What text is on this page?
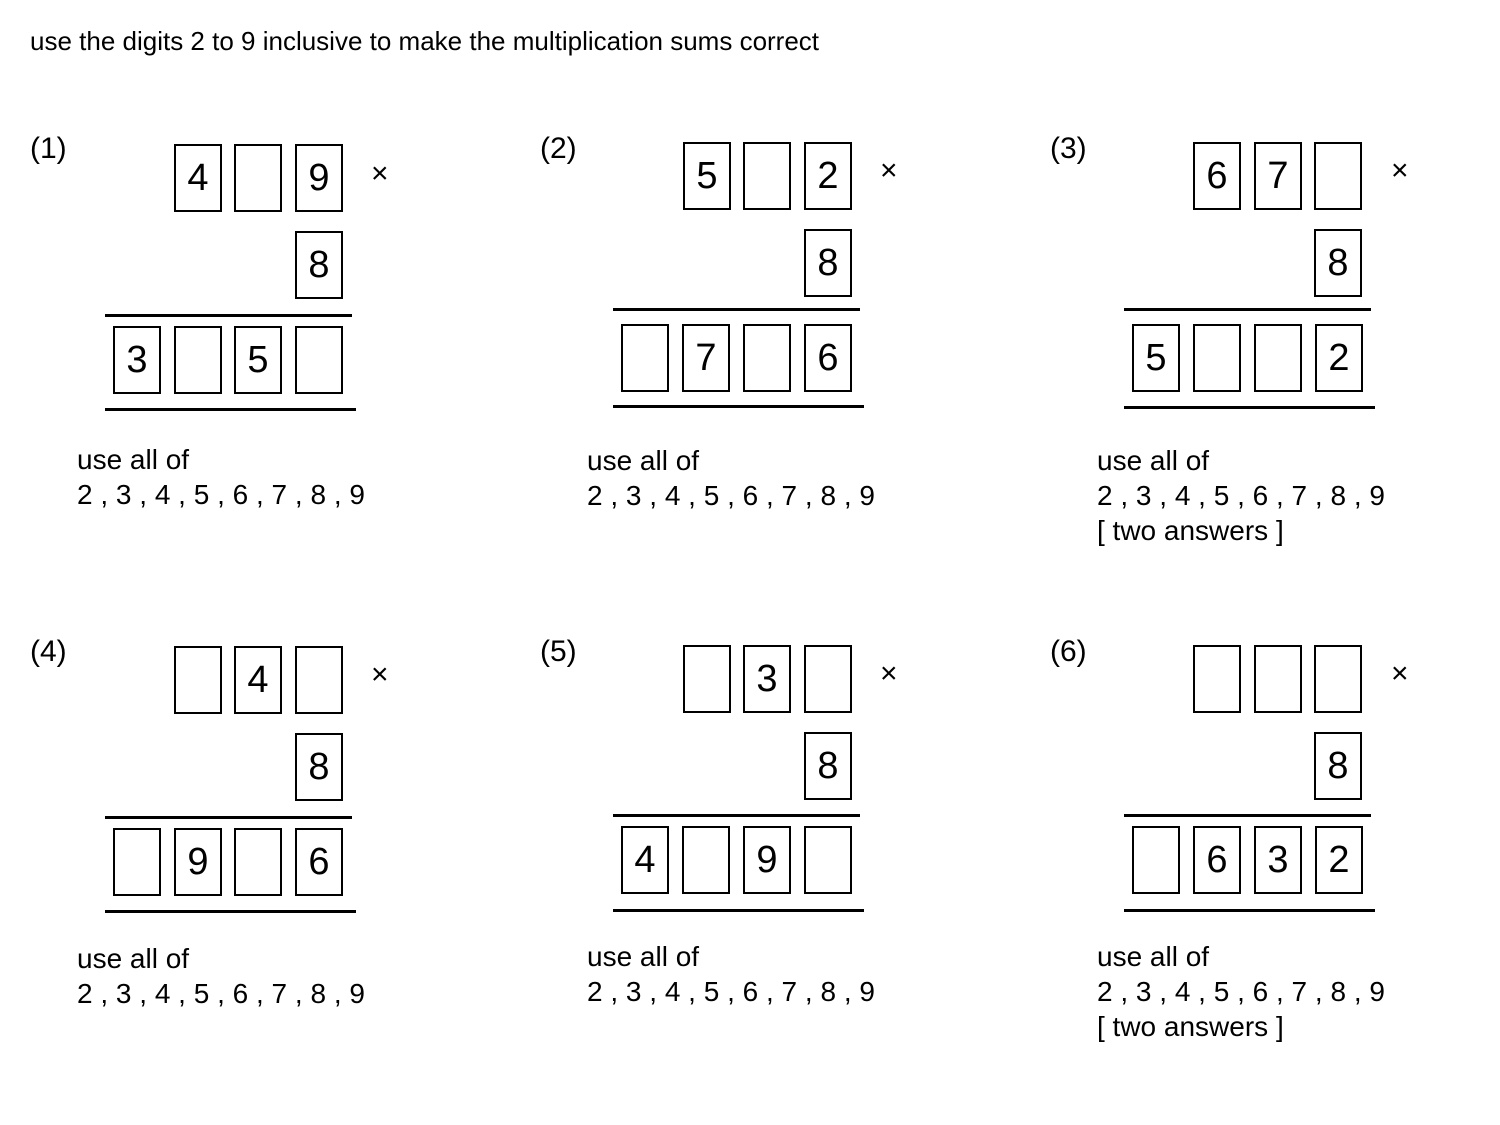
use the digits 2 to 9 inclusive to make the multiplication sums correct
(1)
4	9	×
8
3	5
use all of
2 , 3 , 4 , 5 , 6 , 7 , 8 , 9
(2)
5	2	×
8
7	6
use all of
2 , 3 , 4 , 5 , 6 , 7 , 8 , 9
(3)
6	7	×
8
5	2
use all of
2 , 3 , 4 , 5 , 6 , 7 , 8 , 9
[ two answers ]
(4)
4	×
8
9	6
use all of
2 , 3 , 4 , 5 , 6 , 7 , 8 , 9
(5)
3	×
8
4	9
use all of
2 , 3 , 4 , 5 , 6 , 7 , 8 , 9
(6)
×
8
6	3	2
use all of
2 , 3 , 4 , 5 , 6 , 7 , 8 , 9
[ two answers ]
